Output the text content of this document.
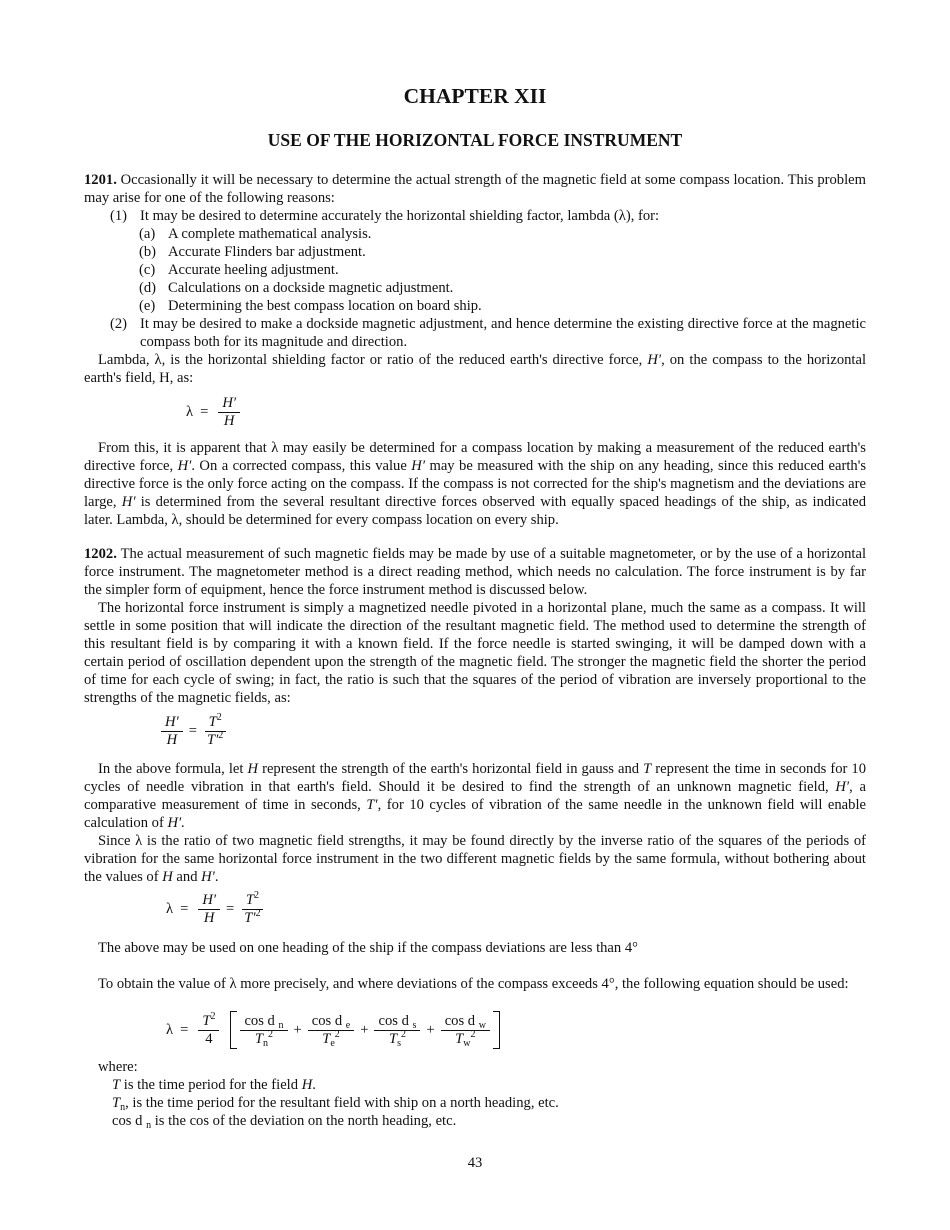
CHAPTER XII
USE OF THE HORIZONTAL FORCE INSTRUMENT

1201. Occasionally it will be necessary to determine the actual strength of the magnetic field at some compass location. This problem may arise for one of the following reasons:

(1) It may be desired to determine accurately the horizontal shielding factor, lambda (λ), for:
(a) A complete mathematical analysis.
(b) Accurate Flinders bar adjustment.
(c) Accurate heeling adjustment.
(d) Calculations on a dockside magnetic adjustment.
(e) Determining the best compass location on board ship.
(2) It may be desired to make a dockside magnetic adjustment, and hence determine the existing directive force at the magnetic compass both for its magnitude and direction.

Lambda, λ, is the horizontal shielding factor or ratio of the reduced earth's directive force, H′, on the compass to the horizontal earth's field, H, as:

$\lambda = \frac{H'}{H}$

From this, it is apparent that λ may easily be determined for a compass location by making a measurement of the reduced earth's directive force, H′. On a corrected compass, this value H′ may be measured with the ship on any heading, since this reduced earth's directive force is the only force acting on the compass. If the compass is not corrected for the ship's magnetism and the deviations are large, H′ is determined from the several resultant directive forces observed with equally spaced headings of the ship, as indicated later. Lambda, λ, should be determined for every compass location on every ship.

1202. The actual measurement of such magnetic fields may be made by use of a suitable magnetometer, or by the use of a horizontal force instrument. The magnetometer method is a direct reading method, which needs no calculation. The force instrument is by far the simpler form of equipment, hence the force instrument method is discussed below.

The horizontal force instrument is simply a magnetized needle pivoted in a horizontal plane, much the same as a compass. It will settle in some position that will indicate the direction of the resultant magnetic field. The method used to determine the strength of this resultant field is by comparing it with a known field. If the force needle is started swinging, it will be damped down with a certain period of oscillation dependent upon the strength of the magnetic field. The stronger the magnetic field the shorter the period of time for each cycle of swing; in fact, the ratio is such that the squares of the period of vibration are inversely proportional to the strengths of the magnetic fields, as:

$\frac{H'}{H} = \frac{T^2}{T'^2}$

In the above formula, let H represent the strength of the earth's horizontal field in gauss and T represent the time in seconds for 10 cycles of needle vibration in that earth's field. Should it be desired to find the strength of an unknown magnetic field, H′, a comparative measurement of time in seconds, T′, for 10 cycles of vibration of the same needle in the unknown field will enable calculation of H′.

Since λ is the ratio of two magnetic field strengths, it may be found directly by the inverse ratio of the squares of the periods of vibration for the same horizontal force instrument in the two different magnetic fields by the same formula, without bothering about the values of H and H′.

$\lambda = \frac{H'}{H} = \frac{T^2}{T'^2}$

The above may be used on one heading of the ship if the compass deviations are less than 4°

To obtain the value of λ more precisely, and where deviations of the compass exceeds 4°, the following equation should be used:

$\lambda = \frac{T^2}{4} \frac{\cos d _n}{T_n^2} + \frac{\cos d _e}{T_e^2} + \frac{\cos d _s}{T_s^2} + \frac{\cos d _w}{T_w^2}$

where:

T is the time period for the field H.

$T_n$, is the time period for the resultant field with ship on a north heading, etc.

cos d $_n$ is the cos of the deviation on the north heading, etc.

43
